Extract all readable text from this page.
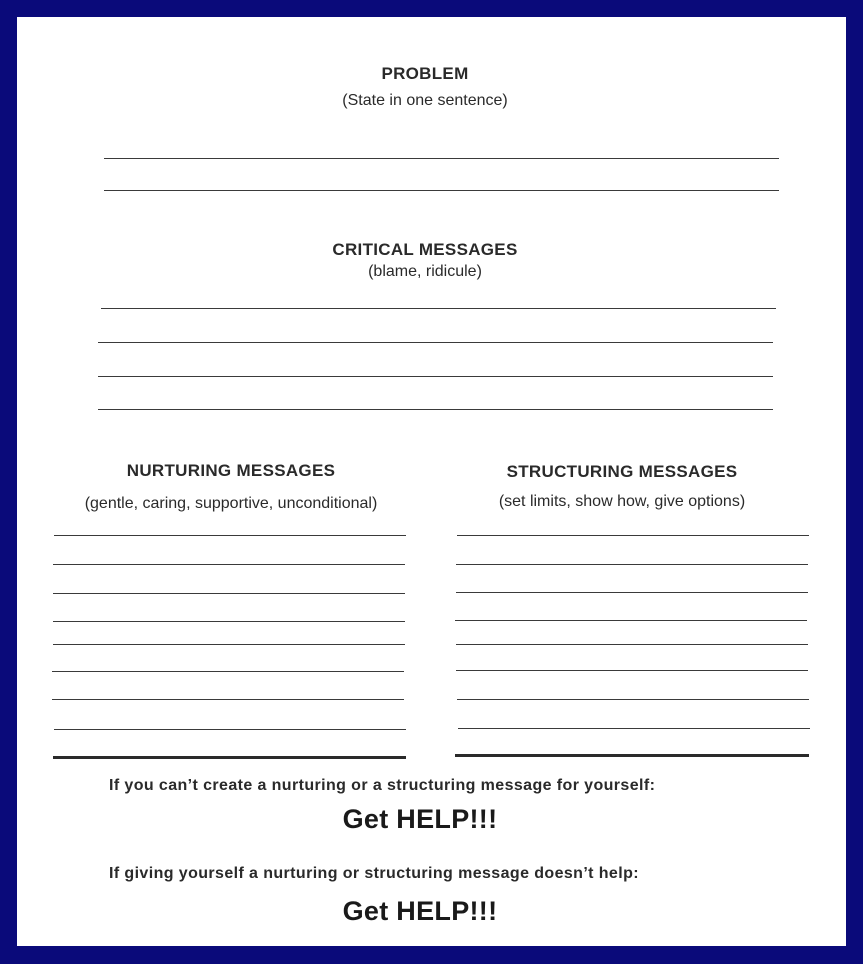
PROBLEM
(State in one sentence)
CRITICAL MESSAGES
(blame, ridicule)
NURTURING MESSAGES
(gentle, caring, supportive, unconditional)
STRUCTURING MESSAGES
(set limits, show how, give options)
If you can’t create a nurturing or a structuring message for yourself:
Get HELP!!!
If giving yourself a nurturing or structuring message doesn’t help:
Get HELP!!!
